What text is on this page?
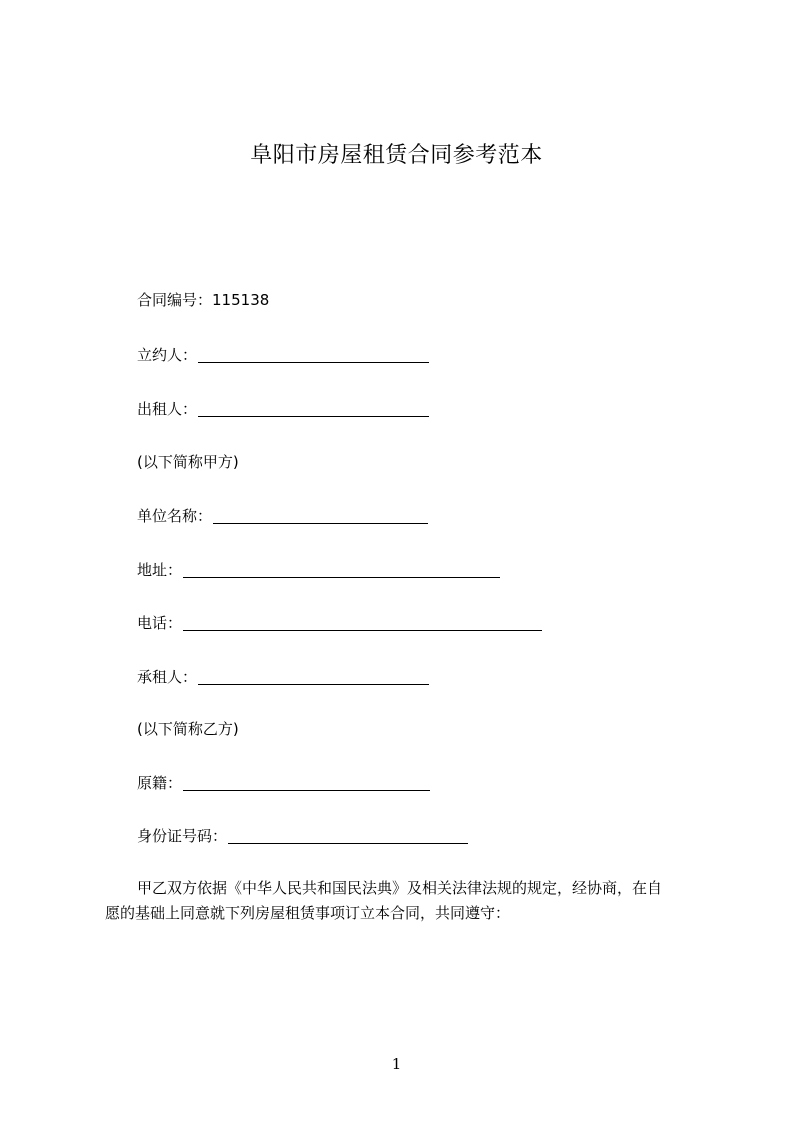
阜阳市房屋租赁合同参考范本
合同编号：115138
立约人：
出租人：
(以下简称甲方)
单位名称：
地址：
电话：
承租人：
(以下简称乙方)
原籍：
身份证号码：
甲乙双方依据《中华人民共和国民法典》及相关法律法规的规定，经协商，在自
愿的基础上同意就下列房屋租赁事项订立本合同，共同遵守：
1
